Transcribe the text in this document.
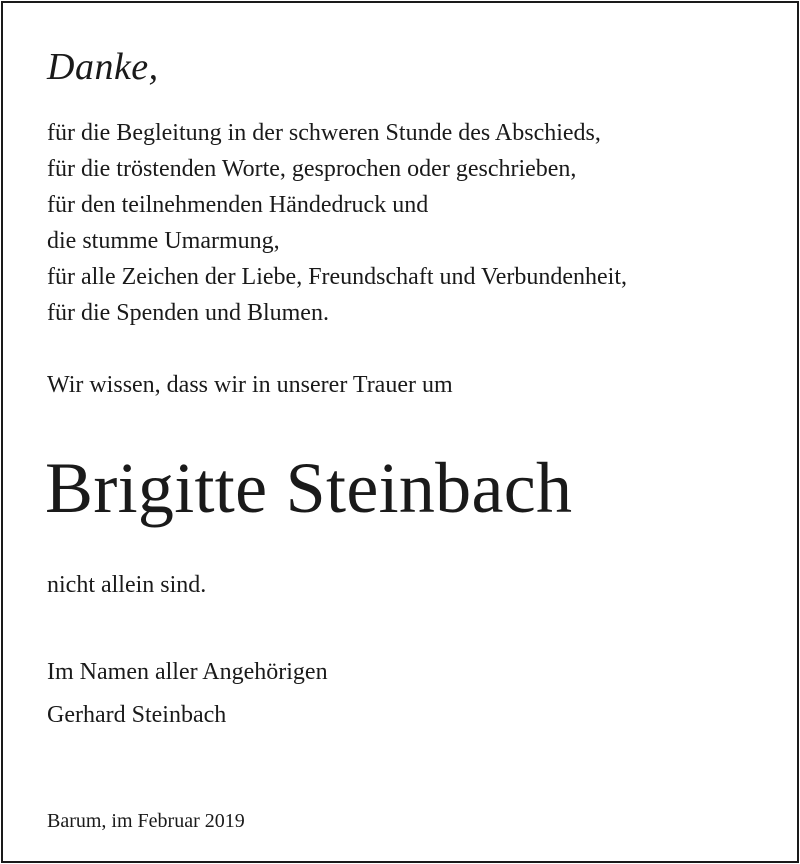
Danke,
für die Begleitung in der schweren Stunde des Abschieds,
für die tröstenden Worte, gesprochen oder geschrieben,
für den teilnehmenden Händedruck und
die stumme Umarmung,
für alle Zeichen der Liebe, Freundschaft und Verbundenheit,
für die Spenden und Blumen.

Wir wissen, dass wir in unserer Trauer um

Brigitte Steinbach

nicht allein sind.

Im Namen aller Angehörigen

Gerhard Steinbach

Barum, im Februar 2019
